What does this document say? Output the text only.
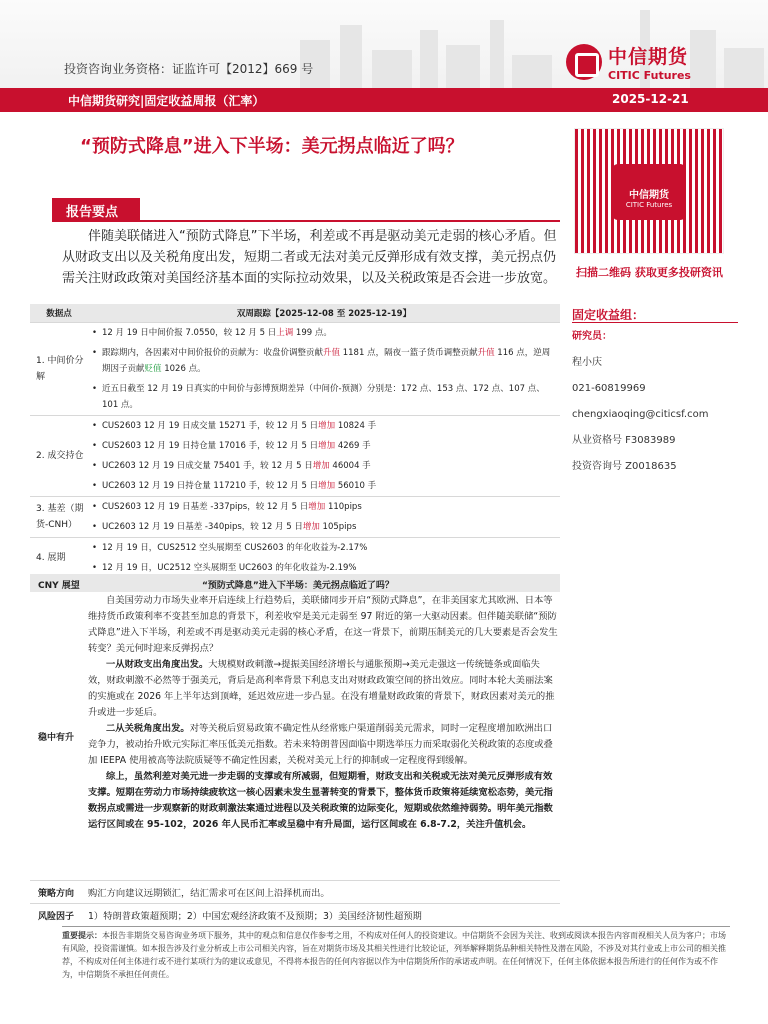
投资咨询业务资格：证监许可【2012】669 号
中信期货
CITIC Futures
中信期货研究|固定收益周报（汇率）	2025-12-21
“预防式降息”进入下半场：美元拐点临近了吗？
报告要点
伴随美联储进入“预防式降息”下半场，利差或不再是驱动美元走弱的核心矛盾。但从财政支出以及关税角度出发，短期二者或无法对美元反弹形成有效支撑，美元拐点仍需关注财政政策对美国经济基本面的实际拉动效果，以及关税政策是否会进一步放宽。
中信期货
CITIC Futures
扫描二维码 获取更多投研资讯
固定收益组：
研究员：
程小庆
021-60819969
chengxiaoqing@citicsf.com
从业资格号 F3083989
投资咨询号 Z0018635
数据点	双周跟踪【2025-12-08 至 2025-12-19】
1. 中间价分解	• 12 月 19 日中间价报 7.0550，较 12 月 5 日上调 199 点。
• 跟踪期内，各因素对中间价报价的贡献为：收盘价调整贡献升值 1181 点，隔夜一篮子货币调整贡献升值 116 点，逆周期因子贡献贬值 1026 点。
• 近五日截至 12 月 19 日真实的中间价与彭博预期差异（中间价-预测）分别是：172 点、153 点、172 点、107 点、101 点。

2. 成交持仓	• CUS2603 12 月 19 日成交量 15271 手，较 12 月 5 日增加 10824 手
• CUS2603 12 月 19 日持仓量 17016 手，较 12 月 5 日增加 4269 手
• UC2603 12 月 19 日成交量 75401 手，较 12 月 5 日增加 46004 手
• UC2603 12 月 19 日持仓量 117210 手，较 12 月 5 日增加 56010 手

3. 基差（期货-CNH）	• CUS2603 12 月 19 日基差 -337pips，较 12 月 5 日增加 110pips
• UC2603 12 月 19 日基差 -340pips，较 12 月 5 日增加 105pips

4. 展期	• 12 月 19 日，CUS2512 空头展期至 CUS2603 的年化收益为-2.17%
• 12 月 19 日，UC2512 空头展期至 UC2603 的年化收益为-2.19%
CNY 展望	“预防式降息”进入下半场：美元拐点临近了吗？
稳中有升

自美国劳动力市场失业率开启连续上行趋势后，美联储同步开启“预防式降息”，在非美国家尤其欧洲、日本等维持货币政策利率不变甚至加息的背景下，利差收窄是美元走弱至 97 附近的第一大驱动因素。但伴随美联储“预防式降息”进入下半场，利差或不再是驱动美元走弱的核心矛盾，在这一背景下，前期压制美元的几大要素是否会发生转变？美元何时迎来反弹拐点？

一从财政支出角度出发。大规模财政刺激→提振美国经济增长与通胀预期→美元走强这一传统链条或面临失效，财政刺激不必然等于强美元，背后是高利率背景下利息支出对财政政策空间的挤出效应。同时本轮大美丽法案的实施或在 2026 年上半年达到顶峰，延迟效应进一步凸显。在没有增量财政政策的背景下，财政因素对美元的推升或进一步延后。

二从关税角度出发。对等关税后贸易政策不确定性从经常账户渠道削弱美元需求，同时一定程度增加欧洲出口竞争力，被动抬升欧元实际汇率压低美元指数。若未来特朗普因面临中期选举压力而采取弱化关税政策的态度或叠加 IEEPA 使用被高等法院质疑等不确定性因素，关税对美元上行的抑制或一定程度得到缓解。

综上，虽然利差对美元进一步走弱的支撑或有所减弱，但短期看，财政支出和关税或无法对美元反弹形成有效支撑。短期在劳动力市场持续疲软这一核心因素未发生显著转变的背景下，整体货币政策将延续宽松态势，美元指数拐点或需进一步观察新的财政刺激法案通过进程以及关税政策的边际变化，短期或依然维持弱势。明年美元指数运行区间或在 95-102，2026 年人民币汇率或呈稳中有升局面，运行区间或在 6.8-7.2，关注升值机会。

策略方向 购汇方向建议远期锁汇，结汇需求可在区间上沿择机而出。
风险因子 1）特朗普政策超预期；2）中国宏观经济政策不及预期；3）美国经济韧性超预期
重要提示：本报告非期货交易咨询业务项下服务，其中的观点和信息仅作参考之用，不构成对任何人的投资建议。中信期货不会因为关注、收到或阅读本报告内容而视相关人员为客户；市场有风险，投资需谨慎。如本报告涉及行业分析或上市公司相关内容，旨在对期货市场及其相关性进行比较论证，列举解释期货品种相关特性及潜在风险，不涉及对其行业或上市公司的相关推荐，不构成对任何主体进行或不进行某项行为的建议或意见，不得将本报告的任何内容据以作为中信期货所作的承诺或声明。在任何情况下，任何主体依据本报告所进行的任何作为或不作为，中信期货不承担任何责任。
